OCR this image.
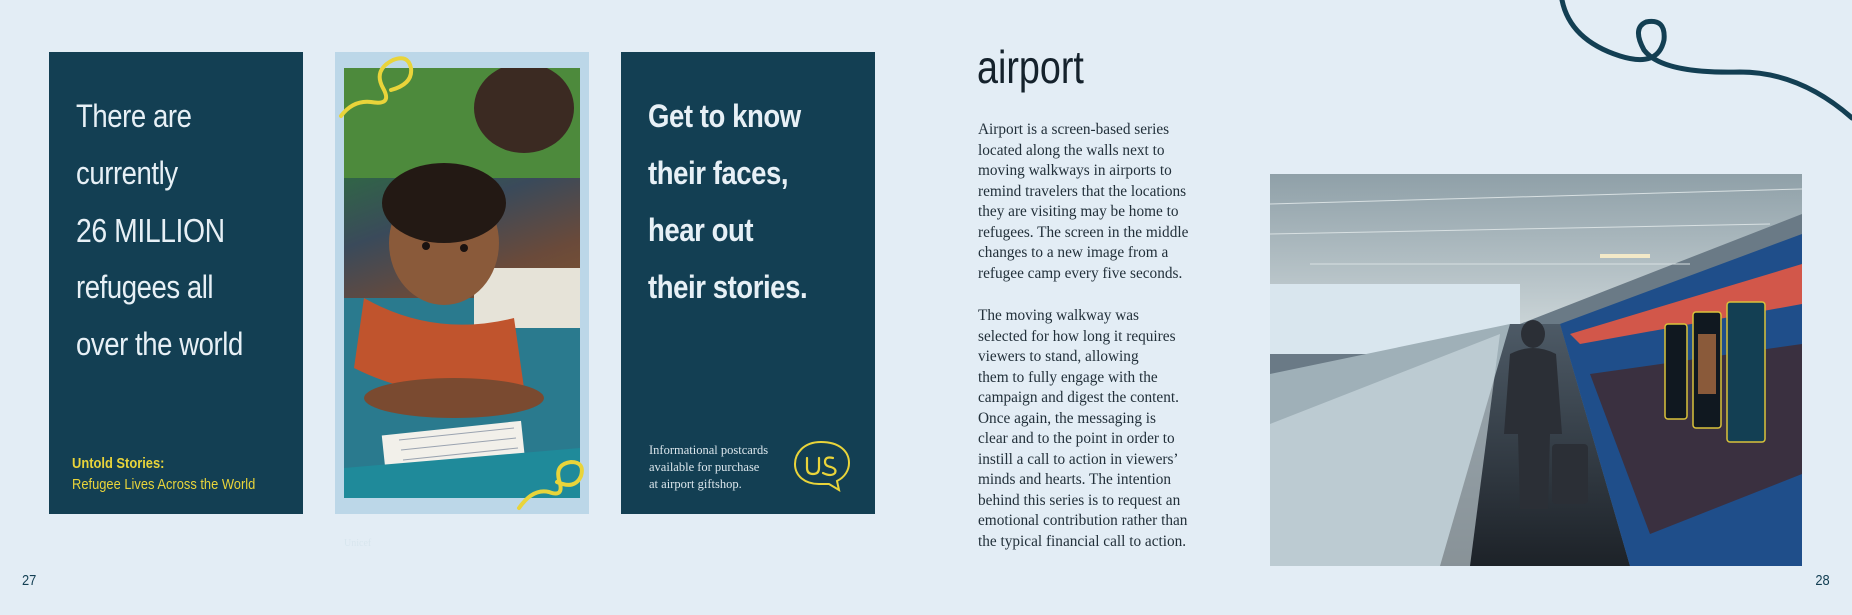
There are
currently
26 MILLION
refugees all
over the world
Untold Stories:
Refugee Lives Across the World
Unicef
Get to know
their faces,
hear out
their stories.
Informational postcards
available for purchase
at airport giftshop.
27
airport
Airport is a screen-based series
located along the walls next to
moving walkways in airports to
remind travelers that the locations
they are visiting may be home to
refugees. The screen in the middle
changes to a new image from a
refugee camp every five seconds.
The moving walkway was
selected for how long it requires
viewers to stand, allowing
them to fully engage with the
campaign and digest the content.
Once again, the messaging is
clear and to the point in order to
instill a call to action in viewers’
minds and hearts. The intention
behind this series is to request an
emotional contribution rather than
the typical financial call to action.
28
